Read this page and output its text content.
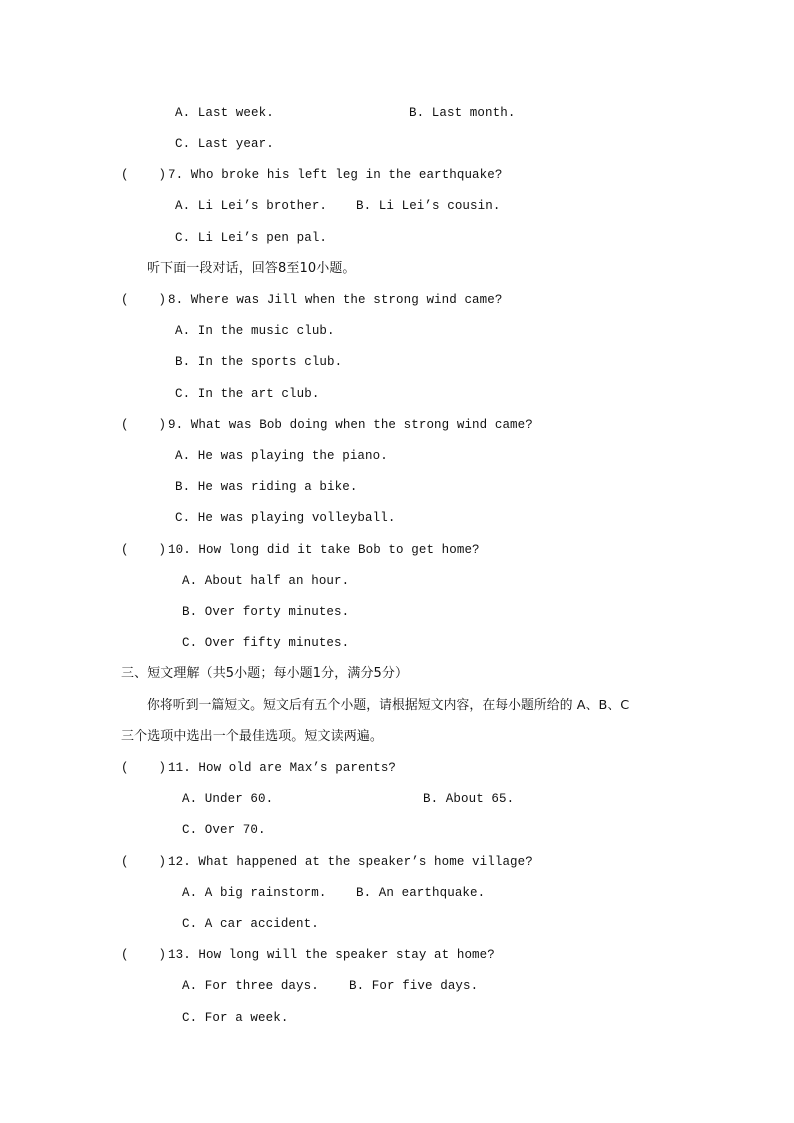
A. Last week.	B. Last month.
C. Last year.
(    ) 7. Who broke his left leg in the earthquake?
A. Li Lei’s brother. B. Li Lei’s cousin.
C. Li Lei’s pen pal.
听下面一段对话，回答8至10小题。
(    ) 8. Where was Jill when the strong wind came?
A. In the music club.
B. In the sports club.
C. In the art club.
(    ) 9. What was Bob doing when the strong wind came?
A. He was playing the piano.
B. He was riding a bike.
C. He was playing volleyball.
(    ) 10. How long did it take Bob to get home?
A. About half an hour.
B. Over forty minutes.
C. Over fifty minutes.
三、短文理解（共5小题；每小题1分，满分5分）
你将听到一篇短文。短文后有五个小题，请根据短文内容，在每小题所给的 A、B、C
三个选项中选出一个最佳选项。短文读两遍。
(    ) 11. How old are Max’s parents?
A. Under 60.	B. About 65.
C. Over 70.
(    ) 12. What happened at the speaker’s home village?
A. A big rainstorm. B. An earthquake.
C. A car accident.
(    ) 13. How long will the speaker stay at home?
A. For three days. B. For five days.
C. For a week.
